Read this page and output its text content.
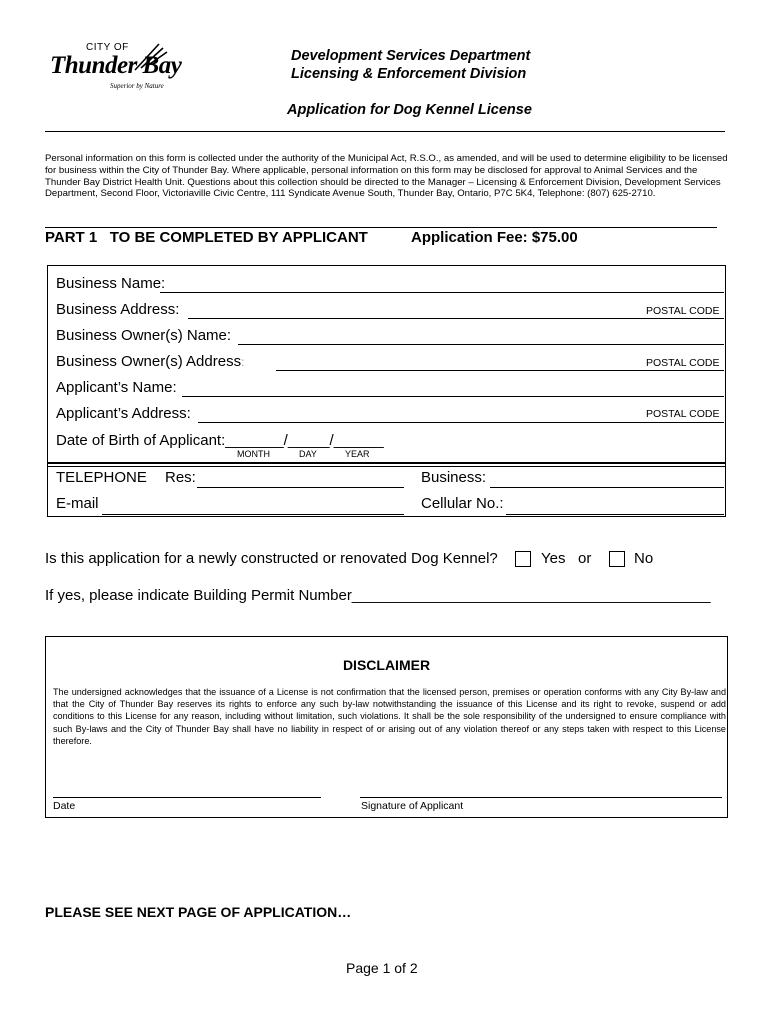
CITY OF
Thunder Bay
Superior by Nature
Development Services Department
Licensing & Enforcement Division
Application for Dog Kennel License
Personal information on this form is collected under the authority of the Municipal Act, R.S.O., as amended, and will be used to determine eligibility to be licensed for business within the City of Thunder Bay. Where applicable, personal information on this form may be disclosed for approval to Animal Services and the Thunder Bay District Health Unit. Questions about this collection should be directed to the Manager – Licensing & Enforcement Division, Development Services Department, Second Floor, Victoriaville Civic Centre, 111 Syndicate Avenue South, Thunder Bay, Ontario, P7C 5K4, Telephone: (807) 625-2710.
PART 1   TO BE COMPLETED BY APPLICANT	Application Fee: $75.00
Business Name:
Business Address:	POSTAL CODE
Business Owner(s) Name:
Business Owner(s) Address:	POSTAL CODE
Applicant’s Name:
Applicant’s Address:	POSTAL CODE
Date of Birth of Applicant:_______/_____/______
MONTH	DAY	YEAR
TELEPHONE Res:	Business:
E-mail	Cellular No.:
Is this application for a newly constructed or renovated Dog Kennel?	Yes or	No
If yes, please indicate Building Permit Number___________________________________________
DISCLAIMER
The undersigned acknowledges that the issuance of a License is not confirmation that the licensed person, premises or operation conforms with any City By-law and that the City of Thunder Bay reserves its rights to enforce any such by-law notwithstanding the issuance of this License and its right to revoke, suspend or add conditions to this License for any reason, including without limitation, such violations. It shall be the sole responsibility of the undersigned to ensure compliance with such By-laws and the City of Thunder Bay shall have no liability in respect of or arising out of any violation thereof or any steps taken with respect to this License therefore.
Date	Signature of Applicant
PLEASE SEE NEXT PAGE OF APPLICATION…
Page 1 of 2
